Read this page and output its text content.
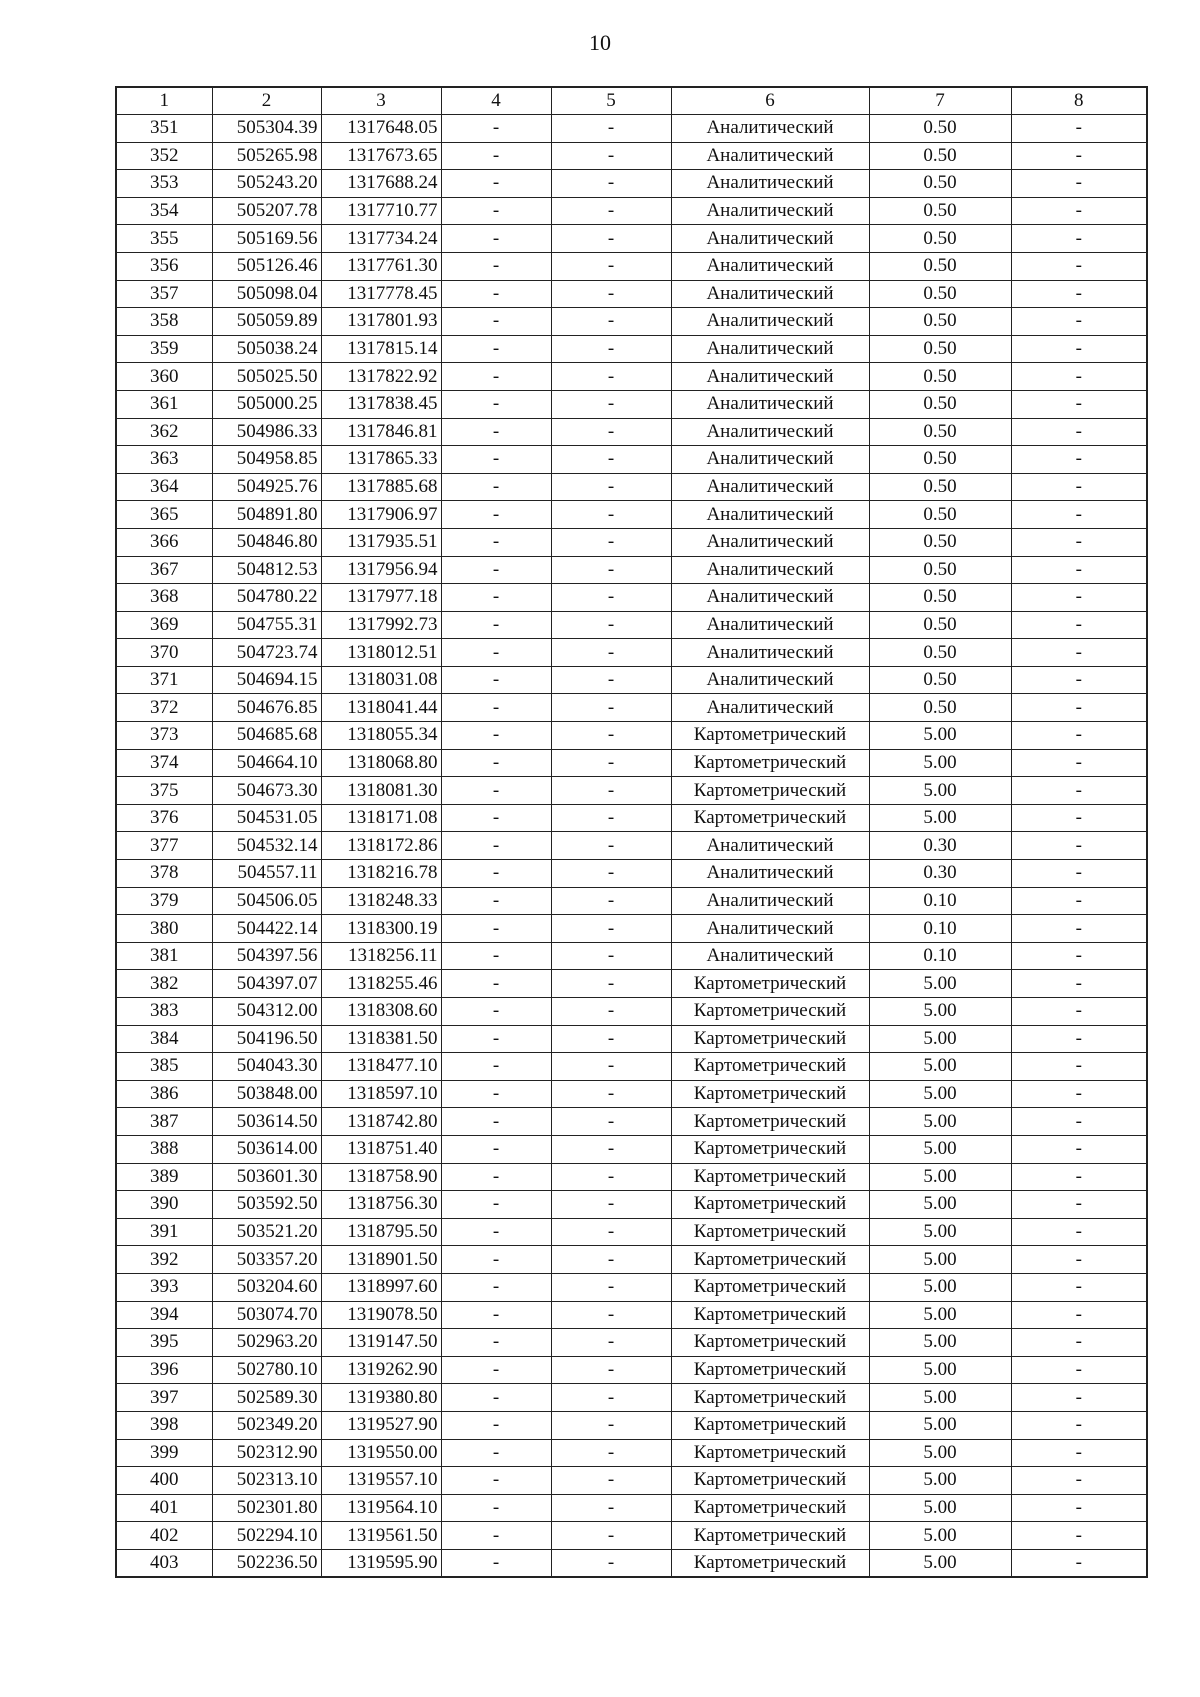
10
1	2	3	4	5	6	7	8
351	505304.39	1317648.05	-	-	Аналитический	0.50	-
352	505265.98	1317673.65	-	-	Аналитический	0.50	-
353	505243.20	1317688.24	-	-	Аналитический	0.50	-
354	505207.78	1317710.77	-	-	Аналитический	0.50	-
355	505169.56	1317734.24	-	-	Аналитический	0.50	-
356	505126.46	1317761.30	-	-	Аналитический	0.50	-
357	505098.04	1317778.45	-	-	Аналитический	0.50	-
358	505059.89	1317801.93	-	-	Аналитический	0.50	-
359	505038.24	1317815.14	-	-	Аналитический	0.50	-
360	505025.50	1317822.92	-	-	Аналитический	0.50	-
361	505000.25	1317838.45	-	-	Аналитический	0.50	-
362	504986.33	1317846.81	-	-	Аналитический	0.50	-
363	504958.85	1317865.33	-	-	Аналитический	0.50	-
364	504925.76	1317885.68	-	-	Аналитический	0.50	-
365	504891.80	1317906.97	-	-	Аналитический	0.50	-
366	504846.80	1317935.51	-	-	Аналитический	0.50	-
367	504812.53	1317956.94	-	-	Аналитический	0.50	-
368	504780.22	1317977.18	-	-	Аналитический	0.50	-
369	504755.31	1317992.73	-	-	Аналитический	0.50	-
370	504723.74	1318012.51	-	-	Аналитический	0.50	-
371	504694.15	1318031.08	-	-	Аналитический	0.50	-
372	504676.85	1318041.44	-	-	Аналитический	0.50	-
373	504685.68	1318055.34	-	-	Картометрический	5.00	-
374	504664.10	1318068.80	-	-	Картометрический	5.00	-
375	504673.30	1318081.30	-	-	Картометрический	5.00	-
376	504531.05	1318171.08	-	-	Картометрический	5.00	-
377	504532.14	1318172.86	-	-	Аналитический	0.30	-
378	504557.11	1318216.78	-	-	Аналитический	0.30	-
379	504506.05	1318248.33	-	-	Аналитический	0.10	-
380	504422.14	1318300.19	-	-	Аналитический	0.10	-
381	504397.56	1318256.11	-	-	Аналитический	0.10	-
382	504397.07	1318255.46	-	-	Картометрический	5.00	-
383	504312.00	1318308.60	-	-	Картометрический	5.00	-
384	504196.50	1318381.50	-	-	Картометрический	5.00	-
385	504043.30	1318477.10	-	-	Картометрический	5.00	-
386	503848.00	1318597.10	-	-	Картометрический	5.00	-
387	503614.50	1318742.80	-	-	Картометрический	5.00	-
388	503614.00	1318751.40	-	-	Картометрический	5.00	-
389	503601.30	1318758.90	-	-	Картометрический	5.00	-
390	503592.50	1318756.30	-	-	Картометрический	5.00	-
391	503521.20	1318795.50	-	-	Картометрический	5.00	-
392	503357.20	1318901.50	-	-	Картометрический	5.00	-
393	503204.60	1318997.60	-	-	Картометрический	5.00	-
394	503074.70	1319078.50	-	-	Картометрический	5.00	-
395	502963.20	1319147.50	-	-	Картометрический	5.00	-
396	502780.10	1319262.90	-	-	Картометрический	5.00	-
397	502589.30	1319380.80	-	-	Картометрический	5.00	-
398	502349.20	1319527.90	-	-	Картометрический	5.00	-
399	502312.90	1319550.00	-	-	Картометрический	5.00	-
400	502313.10	1319557.10	-	-	Картометрический	5.00	-
401	502301.80	1319564.10	-	-	Картометрический	5.00	-
402	502294.10	1319561.50	-	-	Картометрический	5.00	-
403	502236.50	1319595.90	-	-	Картометрический	5.00	-
